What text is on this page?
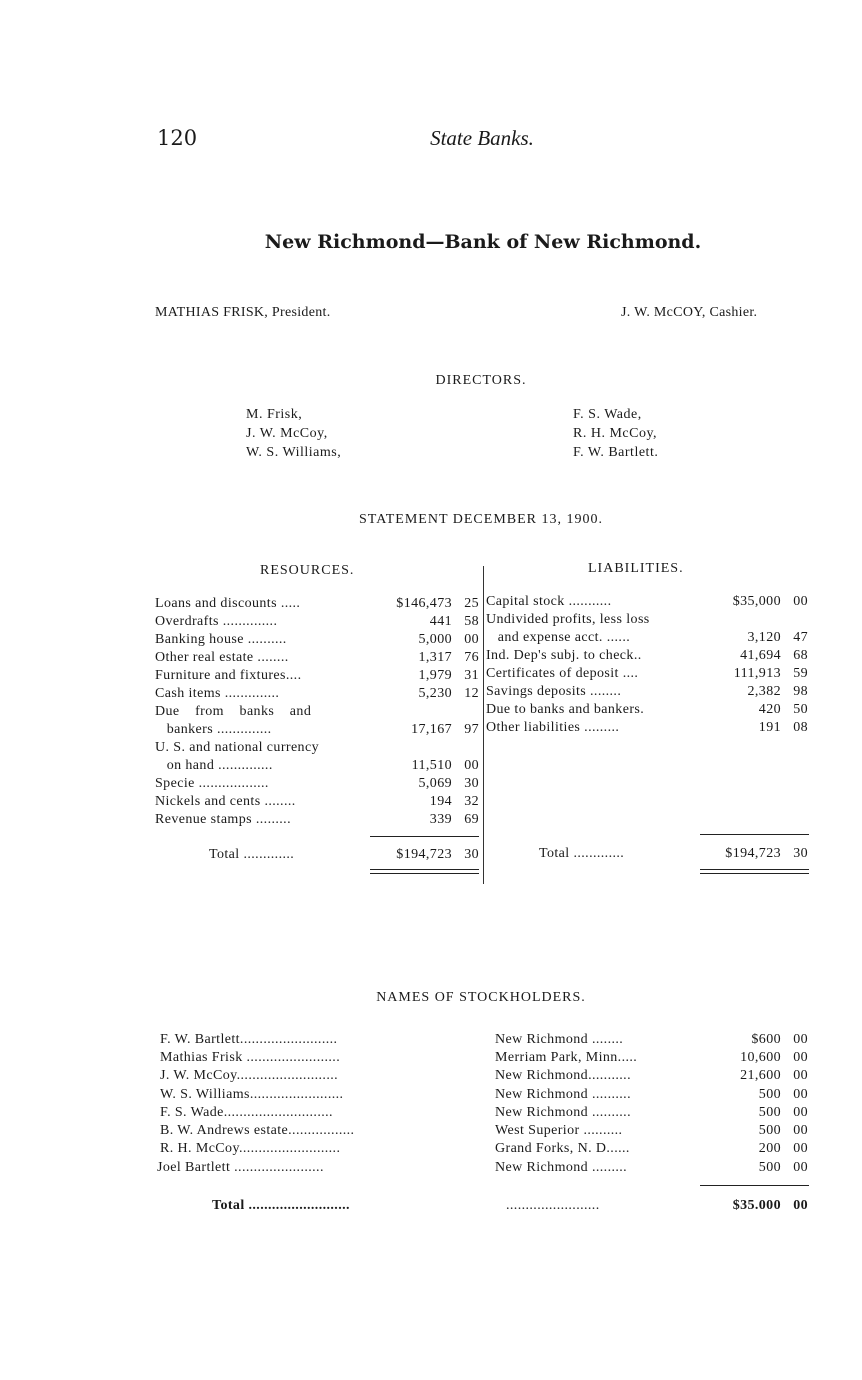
120	State Banks.
New Richmond—Bank of New Richmond.
MATHIAS FRISK, President.	J. W. McCOY, Cashier.
DIRECTORS.
M. Frisk,
J. W. McCoy,
W. S. Williams,
F. S. Wade,
R. H. McCoy,
F. W. Bartlett.
STATEMENT DECEMBER 13, 1900.
RESOURCES.	LIABILITIES.
Loans and discounts .....	$146,473 25
Overdrafts ..............	441 58
Banking house ..........	5,000 00
Other real estate ........	1,317 76
Furniture and fixtures....	1,979 31
Cash items ..............	5,230 12
Due    from    banks    and
bankers ..............	17,167 97
U. S. and national currency
on hand ..............	11,510 00
Specie ..................	5,069 30
Nickels and cents ........	194 32
Revenue stamps .........	339 69
Total .............	$194,723 30
Capital stock ...........	$35,000 00
Undivided profits, less loss
and expense acct. ......	3,120 47
Ind. Dep's subj. to check..	41,694 68
Certificates of deposit ....	111,913 59
Savings deposits ........	2,382 98
Due to banks and bankers.	420 50
Other liabilities .........	191 08
Total .............	$194,723 30
NAMES OF STOCKHOLDERS.
F. W. Bartlett.........................	New Richmond ........	$600 00
Mathias Frisk ........................	Merriam Park, Minn.....	10,600 00
J. W. McCoy..........................	New Richmond...........	21,600 00
W. S. Williams........................	New Richmond ..........	500 00
F. S. Wade............................	New Richmond ..........	500 00
B. W. Andrews estate.................	West Superior ..........	500 00
R. H. McCoy..........................	Grand Forks, N. D......	200 00
Joel Bartlett .......................	New Richmond .........	500 00
Total ..........................	........................	$35.000 00
